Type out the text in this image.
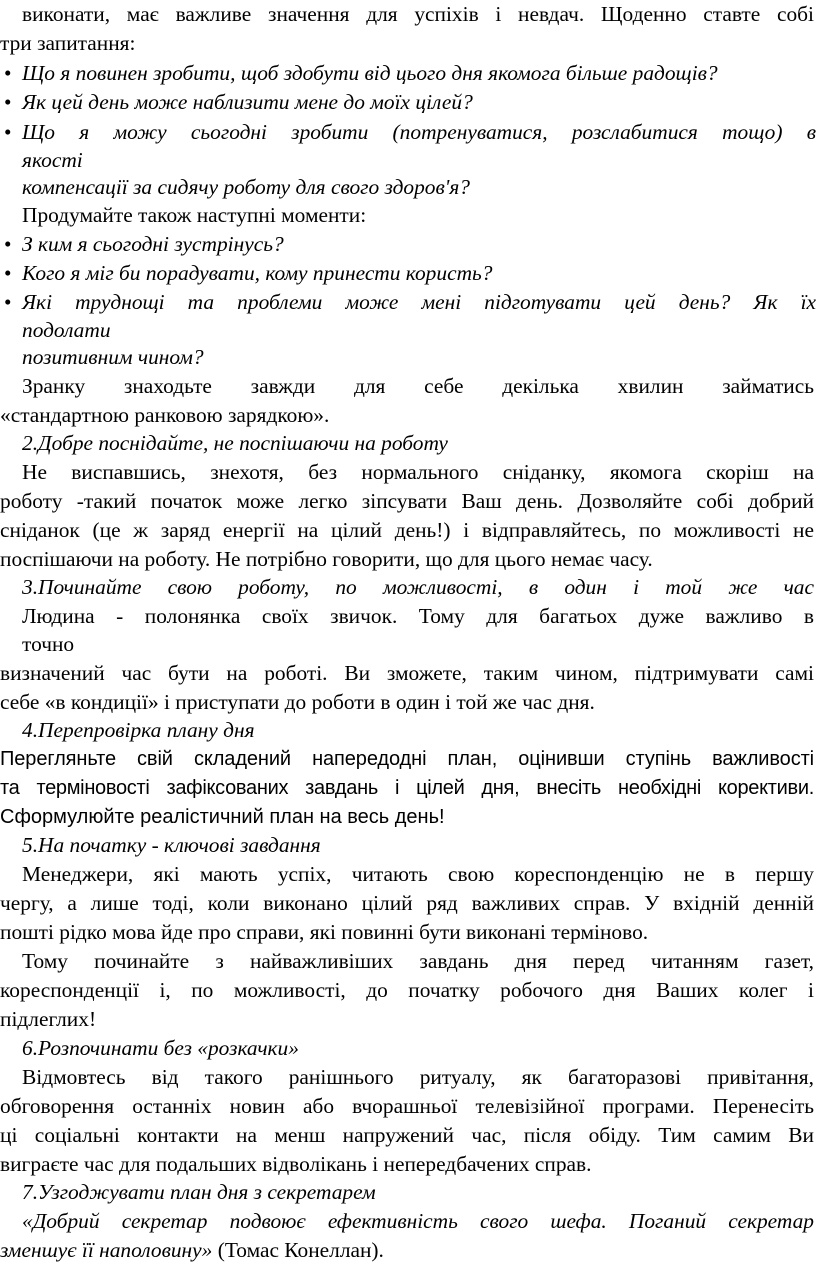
виконати, має важливе значення для успіхів і невдач. Щоденно ставте собі
три запитання:
• Що я повинен зробити, щоб здобути від цього дня якомога більше радощів?
• Як цей день може наблизити мене до моїх цілей?
• Що я можу сьогодні зробити (потренуватися, розслабитися тощо) в
якості
компенсації за сидячу роботу для свого здоров'я?
Продумайте також наступні моменти:
• З ким я сьогодні зустрінусь?
• Кого я міг би порадувати, кому принести користь?
• Які труднощі та проблеми може мені підготувати цей день? Як їх
подолати
позитивним чином?
Зранку знаходьте завжди для себе декілька хвилин займатись
«стандартною ранковою зарядкою».
2.Добре поснідайте, не поспішаючи на роботу
Не виспавшись, знехотя, без нормального сніданку, якомога скоріш на
роботу -такий початок може легко зіпсувати Ваш день. Дозволяйте собі добрий
сніданок (це ж заряд енергії на цілий день!) і відправляйтесь, по можливості не
поспішаючи на роботу. Не потрібно говорити, що для цього немає часу.
3.Починайте свою роботу, по можливості, в один і той же час
Людина - полонянка своїх звичок. Тому для багатьох дуже важливо в
точно
визначений час бути на роботі. Ви зможете, таким чином, підтримувати самі
себе «в кондиції» і приступати до роботи в один і той же час дня.
4.Перепровірка плану дня
Перегляньте свій складений напередодні план, оцінивши ступінь важливості
та терміновості зафіксованих завдань і цілей дня, внесіть необхідні корективи.
Сформулюйте реалістичний план на весь день!
5.На початку - ключові завдання
Менеджери, які мають успіх, читають свою кореспонденцію не в першу
чергу, а лише тоді, коли виконано цілий ряд важливих справ. У вхідній денній
пошті рідко мова йде про справи, які повинні бути виконані терміново.
Тому починайте з найважливіших завдань дня перед читанням газет,
кореспонденції і, по можливості, до початку робочого дня Ваших колег і
підлеглих!
6.Розпочинати без «розкачки»
Відмовтесь від такого ранішнього ритуалу, як багаторазові привітання,
обговорення останніх новин або вчорашньої телевізійної програми. Перенесіть
ці соціальні контакти на менш напружений час, після обіду. Тим самим Ви
виграєте час для подальших відволікань і непередбачених справ.
7.Узгоджувати план дня з секретарем
«Добрий секретар подвоює ефективність свого шефа. Поганий секретар
зменшує її наполовину» (Томас Конеллан).
